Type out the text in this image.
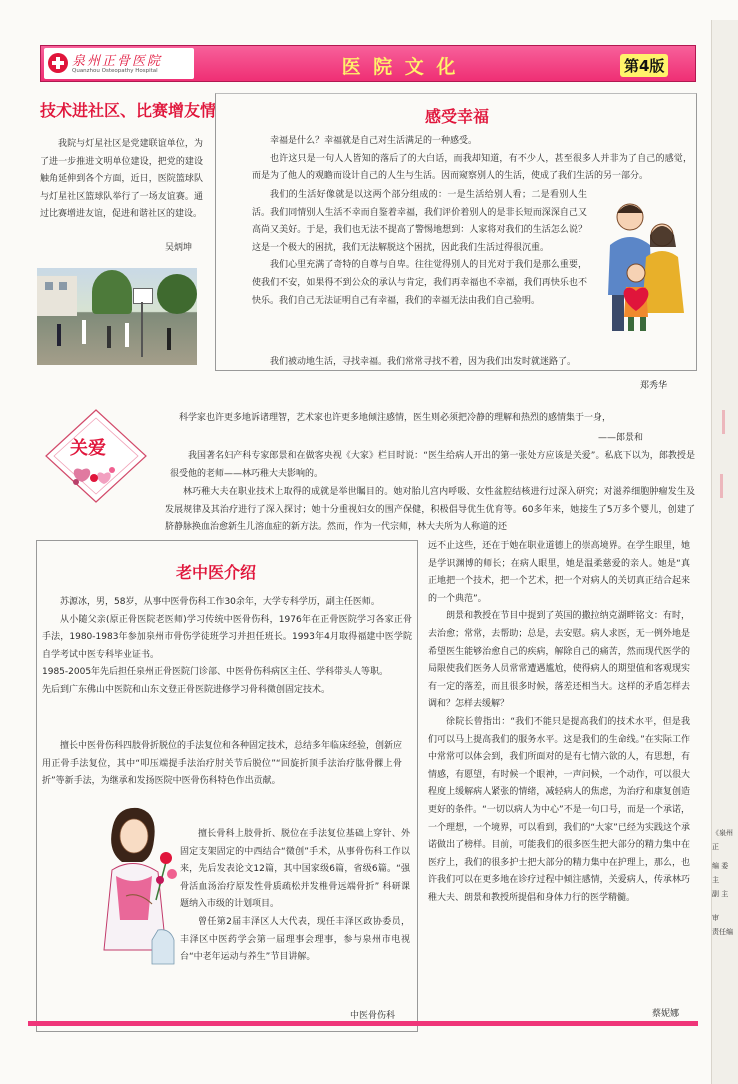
《泉州正
编 委
主
副 主
审
责任编
泉州正骨医院
Quanzhou Osteopathy Hospital	医 院 文 化	第4版
技术进社区、比赛增友情

我院与灯星社区是党建联谊单位，为了进一步推进文明单位建设，把党的建设触角延伸到各个方面，近日，医院篮球队与灯星社区篮球队举行了一场友谊赛。通过比赛增进友谊，促进和谐社区的建设。

吴炳坤
感受幸福

幸福是什么？幸福就是自己对生活满足的一种感受。

也许这只是一句人人皆知的落后了的大白话，而我却知道，有不少人，甚至很多人并非为了自己的感觉，而是为了他人的观瞻而设计自己的人生与生活。因而窥察别人的生活，使成了我们生活的另一部分。

我们的生活好像就是以这两个部分组成的：一是生活给别人看；二是看别人生活。我们同情别人生活不幸而自鉴着幸福，我们评价着别人的是非长短而深深自己又高尚又美好。于是，我们也无法不提高了警惕地想到：人家将对我们的生活怎么说？这是一个极大的困扰，我们无法解脱这个困扰，因此我们生活过得很沉重。

我们心里充满了奇特的自尊与自卑。往往觉得别人的目光对于我们是那么重要，使我们不安，如果得不到公众的承认与肯定，我们再幸福也不幸福，我们再快乐也不快乐。我们自己无法证明自己有幸福，我们的幸福无法由我们自己验明。

我们被动地生活，寻找幸福。我们常常寻找不着，因为我们出发时就迷路了。

郑秀华
关爱

科学家也许更多地诉诸理智，艺术家也许更多地倾注感情，医生则必须把冷静的理解和热烈的感情集于一身，

——郎景和

我国著名妇产科专家郎景和在做客央视《大家》栏目时说：“医生给病人开出的第一张处方应该是关爱”。私底下以为，郎教授是很受他的老师——林巧稚大夫影响的。

林巧稚大夫在职业技术上取得的成就是举世瞩目的。她对胎儿宫内呼吸、女性盆腔结核进行过深入研究；对滋养细胞肿瘤发生及发展规律及其治疗进行了深入探讨；她十分重视妇女的围产保健，积极倡导优生优育等。60多年来，她接生了5万多个婴儿，创建了脐静脉换血治愈新生儿溶血症的新方法。然而，作为一代宗师，林大夫所为人称道的还

远不止这些，还在于她在职业道德上的崇高境界。在学生眼里，她是学识渊博的师长；在病人眼里，她是温柔慈爱的亲人。她是“真正地把一个技术，把一个艺术，把一个对病人的关切真正结合起来的一个典范”。

朗景和教授在节目中提到了英国的撒拉纳克湖畔铭文：有时，去治愈；常常，去帮助；总是，去安慰。病人求医，无一例外地是希望医生能够治愈自己的疾病，解除自己的痛苦，然而现代医学的局限使我们医务人员常常遭遇尴尬，使得病人的期望值和客观现实有一定的落差，而且很多时候，落差还相当大。这样的矛盾怎样去调和？怎样去缓解？

徐院长曾指出：“我们不能只是提高我们的技术水平，但是我们可以马上提高我们的服务水平。这是我们的生命线。”在实际工作中常常可以体会到，我们所面对的是有七情六欲的人，有思想，有情感，有愿望，有时候一个眼神，一声问候，一个动作，可以很大程度上缓解病人紧张的情绪，减轻病人的焦虑，为治疗和康复创造更好的条件。“一切以病人为中心”不是一句口号，而是一个承诺，一个理想，一个境界，可以看到，我们的“大家”已经为实践这个承诺做出了榜样。目前，可能我们的很多医生把大部分的精力集中在医疗上，我们的很多护士把大部分的精力集中在护理上，那么，也许我们可以在更多地在诊疗过程中倾注感情，关爱病人，传承林巧稚大夫、朗景和教授所提倡和身体力行的医学精髓。

蔡妮娜
老中医介绍

苏源冰，男，58岁，从事中医骨伤科工作30余年，大学专科学历，副主任医师。

从小随父亲(原正骨医院老医师)学习传统中医骨伤科，1976年在正骨医院学习各家正骨手法，1980-1983年参加泉州市骨伤学徒班学习并担任班长。1993年4月取得福建中医学院自学考试中医专科毕业证书。

1985-2005年先后担任泉州正骨医院门诊部、中医骨伤科病区主任、学科带头人等职。

先后到广东佛山中医院和山东文登正骨医院进修学习骨科微创固定技术。

擅长中医骨伤科四肢骨折脱位的手法复位和各种固定技术，总结多年临床经验，创新应用正骨手法复位，其中“叩压端提手法治疗肘关节后脱位”“回旋折顶手法治疗肱骨髁上骨折”等新手法，为继承和发扬医院中医骨伤科特色作出贡献。

擅长骨科上肢骨折、脱位在手法复位基础上穿针、外固定支架固定的中西结合“微创”手术，从事骨伤科工作以来，先后发表论文12篇，其中国家级6篇，省级6篇。“强 骨活血汤治疗原发性骨质疏松并发椎骨远端骨折” 科研课题纳入市级的计划项目。

曾任第2届丰泽区人大代表，现任丰泽区政协委员，丰泽区中医药学会第一届理事会理事，参与泉州市电视台“中老年运动与养生”节目讲解。

中医骨伤科
